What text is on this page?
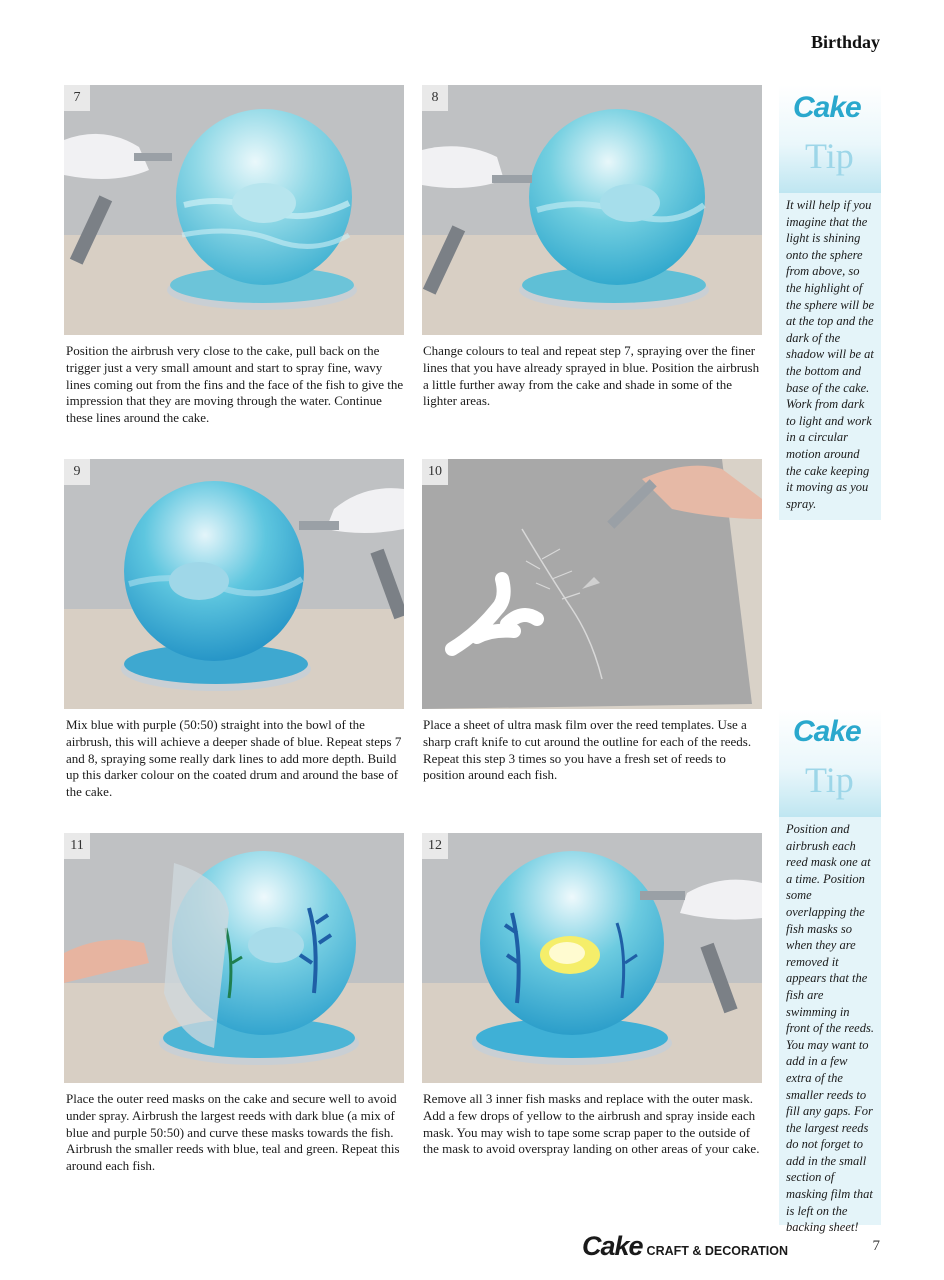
Birthday
7
Position the airbrush very close to the cake, pull back on the trigger just a very small amount and start to spray fine, wavy lines coming out from the fins and the face of the fish to give the impression that they are moving through the water. Continue these lines around the cake.
8
Change colours to teal and repeat step 7, spraying over the finer lines that you have already sprayed in blue. Position the airbrush a little further away from the cake and shade in some of the lighter areas.
9
Mix blue with purple (50:50) straight into the bowl of the airbrush, this will achieve a deeper shade of blue. Repeat steps 7 and 8, spraying some really dark lines to add more depth. Build up this darker colour on the coated drum and around the base of the cake.
10
Place a sheet of ultra mask film over the reed templates. Use a sharp craft knife to cut around the outline for each of the reeds. Repeat this step 3 times so you have a fresh set of reeds to position around each fish.
11
Place the outer reed masks on the cake and secure well to avoid under spray. Airbrush the largest reeds with dark blue (a mix of blue and purple 50:50) and curve these masks towards the fish. Airbrush the smaller reeds with blue, teal and green. Repeat this around each fish.
12
Remove all 3 inner fish masks and replace with the outer mask. Add a few drops of yellow to the airbrush and spray inside each mask. You may wish to tape some scrap paper to the outside of the mask to avoid overspray landing on other areas of your cake.
Cake
Tip
It will help if you imagine that the light is shining onto the sphere from above, so the highlight of the sphere will be at the top and the dark of the shadow will be at the bottom and base of the cake. Work from dark to light and work in a circular motion around the cake keeping it moving as you spray.
Cake
Tip
Position and airbrush each reed mask one at a time. Position some overlapping the fish masks so when they are removed it appears that the fish are swimming in front of the reeds. You may want to add in a few extra of the smaller reeds to fill any gaps. For the largest reeds do not forget to add in the small section of masking film that is left on the backing sheet!
Cake CRAFT & DECORATION	7
